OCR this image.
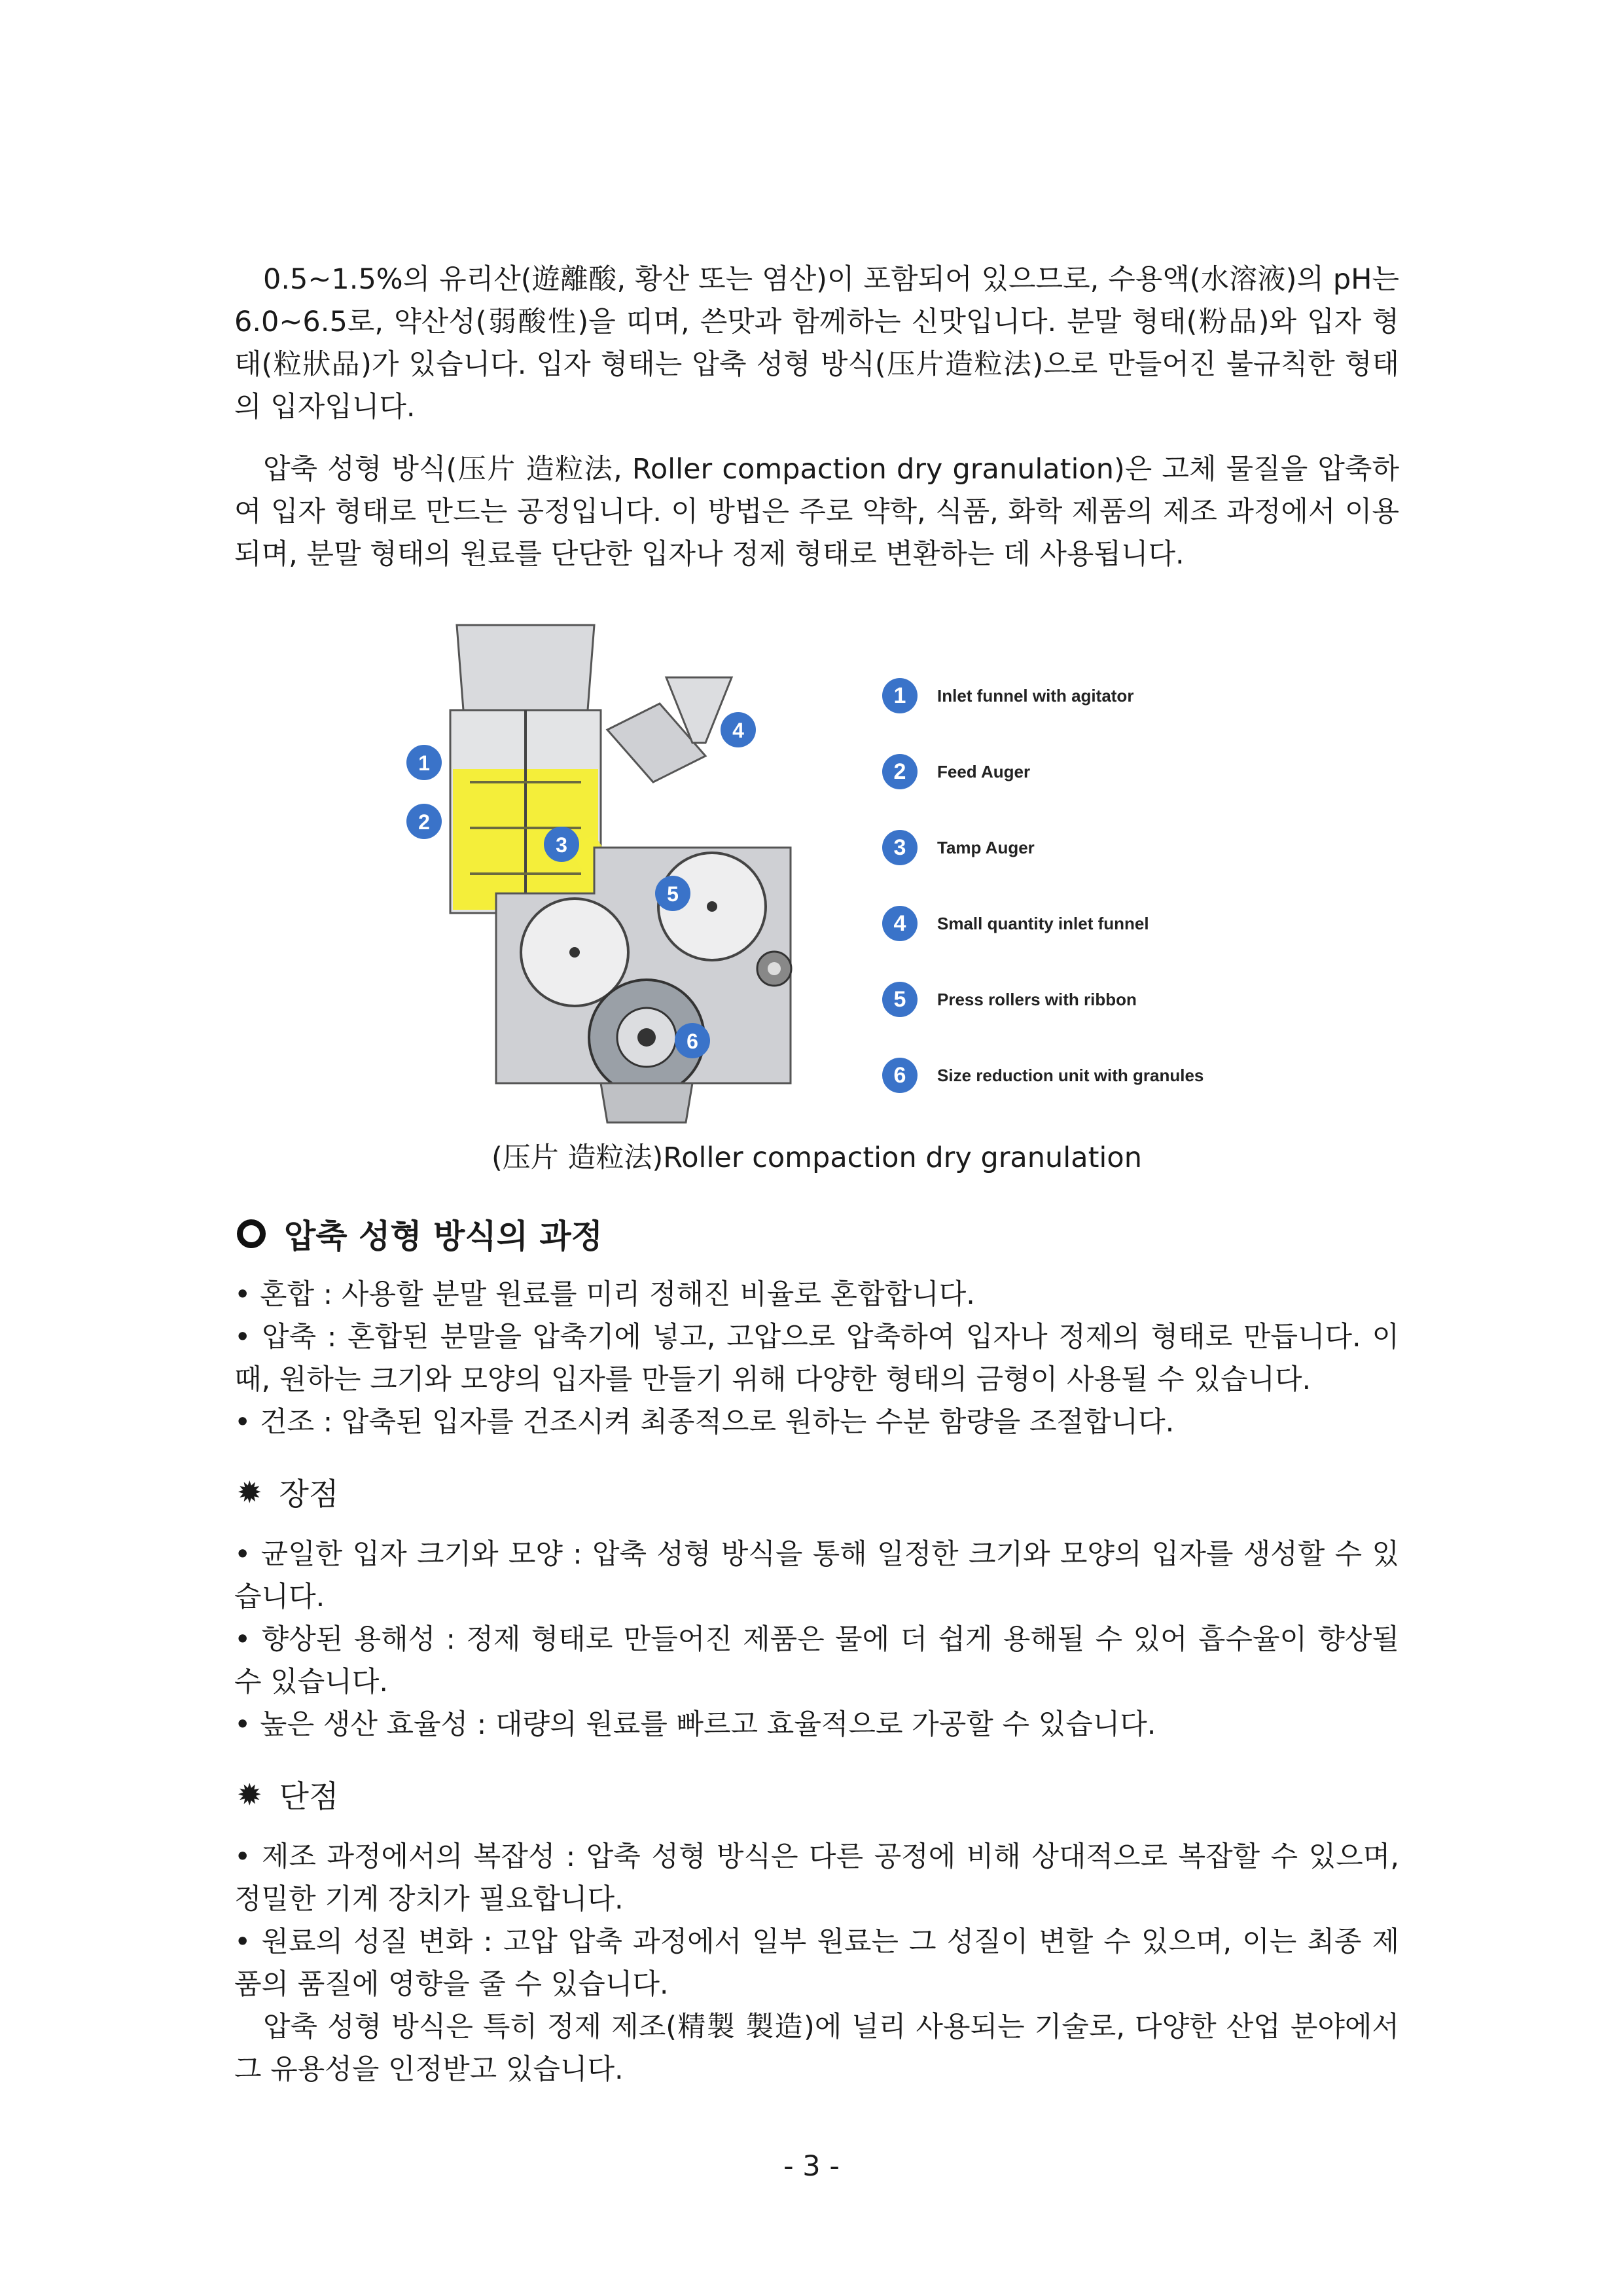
0.5~1.5%의 유리산(遊離酸, 황산 또는 염산)이 포함되어 있으므로, 수용액(水溶液)의 pH는 6.0~6.5로, 약산성(弱酸性)을 띠며, 쓴맛과 함께하는 신맛입니다. 분말 형태(粉品)와 입자 형태(粒狀品)가 있습니다. 입자 형태는 압축 성형 방식(压片造粒法)으로 만들어진 불규칙한 형태의 입자입니다.

압축 성형 방식(压片 造粒法, Roller compaction dry granulation)은 고체 물질을 압축하여 입자 형태로 만드는 공정입니다. 이 방법은 주로 약학, 식품, 화학 제품의 제조 과정에서 이용되며, 분말 형태의 원료를 단단한 입자나 정제 형태로 변환하는 데 사용됩니다.

1
2
3
4
5
6
1	Inlet funnel with agitator
2	Feed Auger
3	Tamp Auger
4	Small quantity inlet funnel
5	Press rollers with ribbon
6	Size reduction unit with granules
(压片 造粒法)Roller compaction dry granulation
압축 성형 방식의 과정

• 혼합 : 사용할 분말 원료를 미리 정해진 비율로 혼합합니다.

• 압축 : 혼합된 분말을 압축기에 넣고, 고압으로 압축하여 입자나 정제의 형태로 만듭니다. 이때, 원하는 크기와 모양의 입자를 만들기 위해 다양한 형태의 금형이 사용될 수 있습니다.

• 건조 : 압축된 입자를 건조시켜 최종적으로 원하는 수분 함량을 조절합니다.

✹ 장점

• 균일한 입자 크기와 모양 : 압축 성형 방식을 통해 일정한 크기와 모양의 입자를 생성할 수 있습니다.

• 향상된 용해성 : 정제 형태로 만들어진 제품은 물에 더 쉽게 용해될 수 있어 흡수율이 향상될 수 있습니다.

• 높은 생산 효율성 : 대량의 원료를 빠르고 효율적으로 가공할 수 있습니다.

✹ 단점

• 제조 과정에서의 복잡성 : 압축 성형 방식은 다른 공정에 비해 상대적으로 복잡할 수 있으며, 정밀한 기계 장치가 필요합니다.

• 원료의 성질 변화 : 고압 압축 과정에서 일부 원료는 그 성질이 변할 수 있으며, 이는 최종 제품의 품질에 영향을 줄 수 있습니다.

압축 성형 방식은 특히 정제 제조(精製 製造)에 널리 사용되는 기술로, 다양한 산업 분야에서 그 유용성을 인정받고 있습니다.

- 3 -
